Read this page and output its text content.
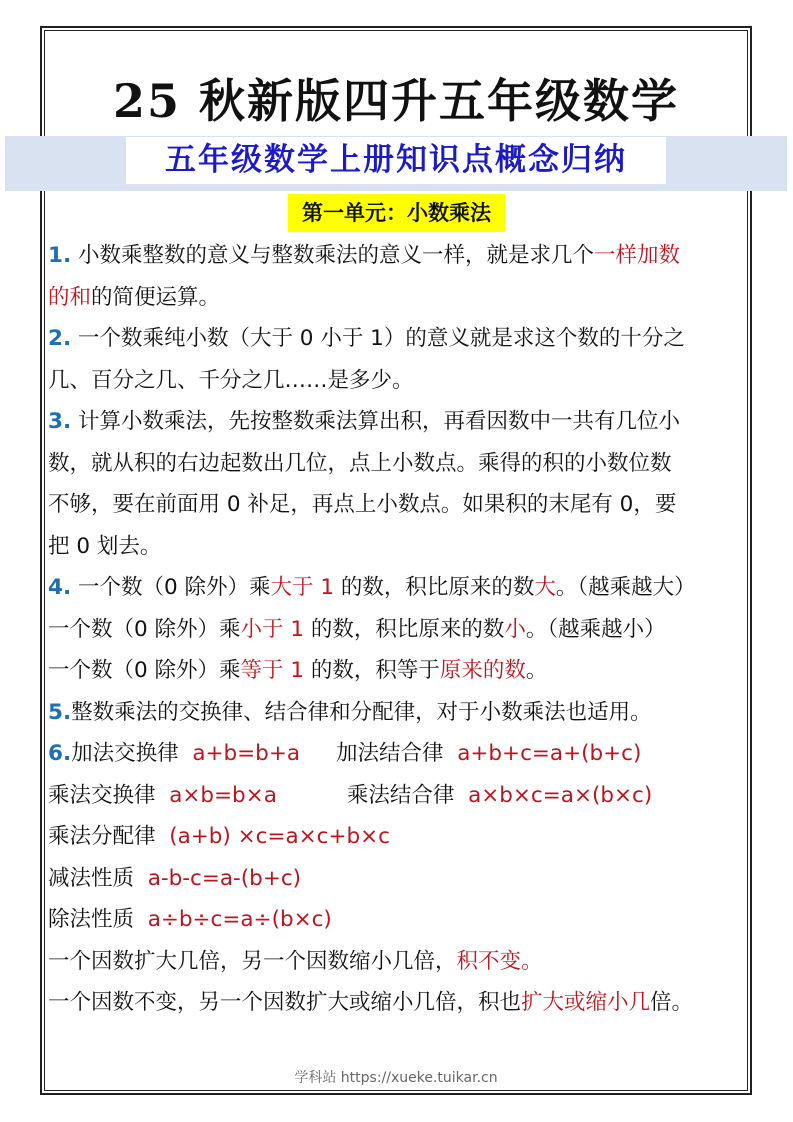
25 秋新版四升五年级数学
五年级数学上册知识点概念归纳
第一单元：小数乘法
1. 小数乘整数的意义与整数乘法的意义一样，就是求几个一样加数
的和的简便运算。
2. 一个数乘纯小数（大于 0 小于 1）的意义就是求这个数的十分之
几、百分之几、千分之几……是多少。
3. 计算小数乘法，先按整数乘法算出积，再看因数中一共有几位小
数，就从积的右边起数出几位，点上小数点。乘得的积的小数位数
不够，要在前面用 0 补足，再点上小数点。如果积的末尾有 0，要
把 0 划去。
4. 一个数（0 除外）乘大于 1 的数，积比原来的数大。（越乘越大）
一个数（0 除外）乘小于 1 的数，积比原来的数小。（越乘越小）
一个数（0 除外）乘等于 1 的数，积等于原来的数。
5.整数乘法的交换律、结合律和分配律，对于小数乘法也适用。
6.加法交换律 a+b=b+a 加法结合律 a+b+c=a+(b+c)
乘法交换律 a×b=b×a	乘法结合律 a×b×c=a×(b×c)
乘法分配律 (a+b) ×c=a×c+b×c
减法性质 a-b-c=a-(b+c)
除法性质 a÷b÷c=a÷(b×c)
一个因数扩大几倍，另一个因数缩小几倍，积不变。
一个因数不变，另一个因数扩大或缩小几倍，积也扩大或缩小几倍。
学科站 https://xueke.tuikar.cn
